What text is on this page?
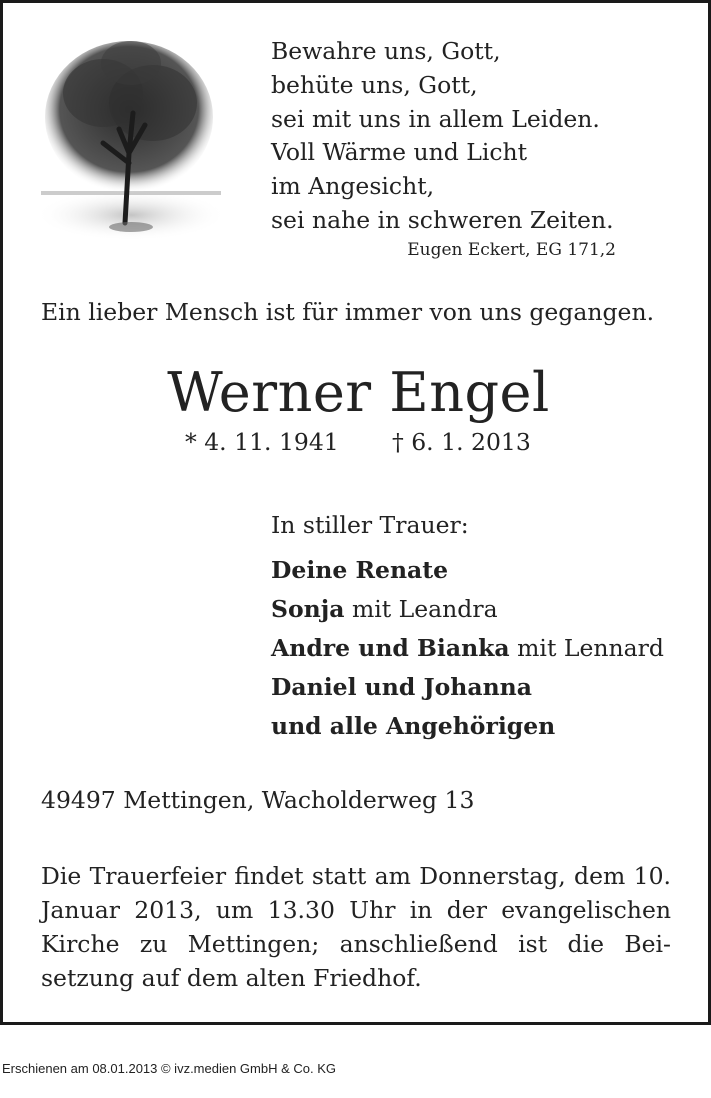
Bewahre uns, Gott,
behüte uns, Gott,
sei mit uns in allem Leiden.
Voll Wärme und Licht
im Angesicht,
sei nahe in schweren Zeiten.
Eugen Eckert, EG 171,2
Ein lieber Mensch ist für immer von uns gegangen.
Werner Engel
* 4. 11. 1941 † 6. 1. 2013
In stiller Trauer:
Deine Renate
Sonja mit Leandra
Andre und Bianka mit Lennard
Daniel und Johanna
und alle Angehörigen
49497 Mettingen, Wacholderweg 13
Die Trauerfeier findet statt am Donnerstag, dem 10. Januar 2013, um 13.30 Uhr in der evangelischen Kirche zu Mettingen; anschließend ist die Bei-setzung auf dem alten Friedhof.
Erschienen am 08.01.2013 © ivz.medien GmbH & Co. KG
